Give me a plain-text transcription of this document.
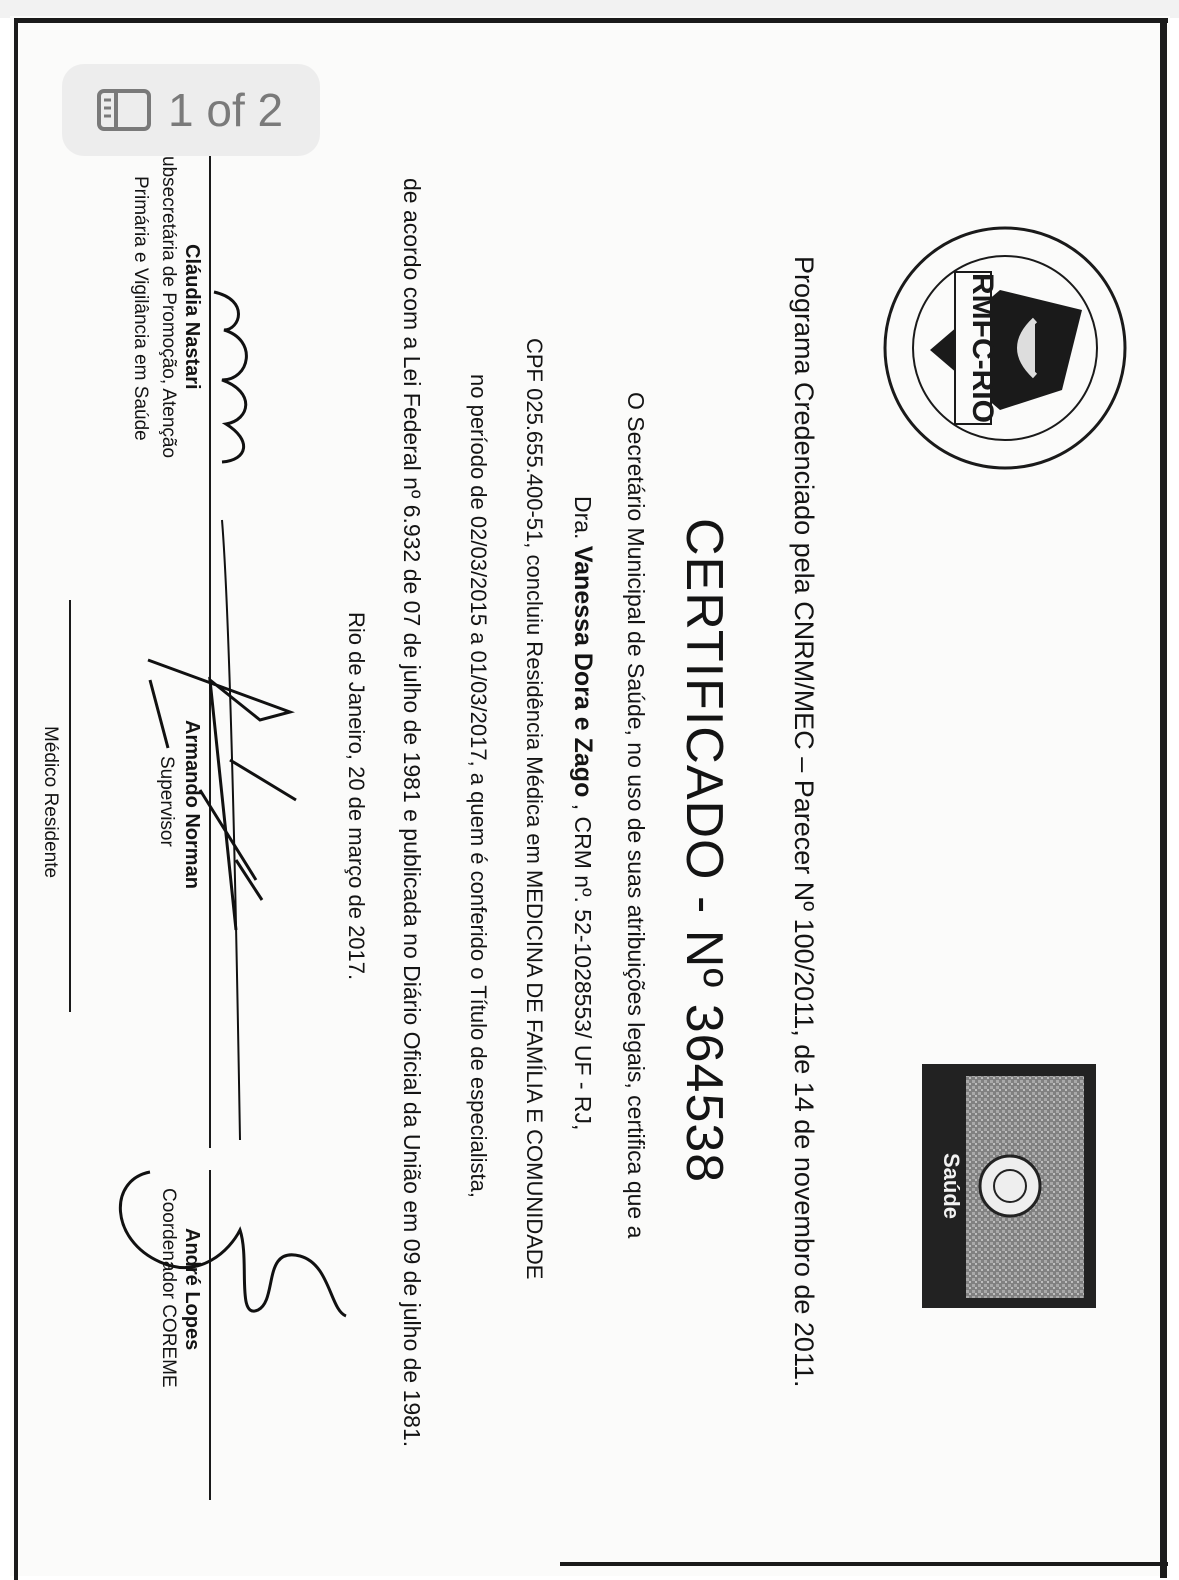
Programa Credenciado pela CNRM/MEC – Parecer Nº 100/2011, de 14 de novembro de 2011.
CERTIFICADO - Nº 364538
O Secretário Municipal de Saúde, no uso de suas atribuições legais, certifica que a
Dra. Vanessa Dora e Zago , CRM nº. 52-1028553/ UF - RJ,
CPF 025.655.400-51, concluiu Residência Médica em MEDICINA DE FAMÍLIA E COMUNIDADE
no período de 02/03/2015 a 01/03/2017, a quem é conferido o Título de especialista,
de acordo com a Lei Federal nº 6.932 de 07 de julho de 1981 e publicada no Diário Oficial da União em 09 de julho de 1981.
Rio de Janeiro, 20 de março de 2017.
André Lopes
Coordenador COREME
Armando Norman
Supervisor
Cláudia Nastari
ubsecretária de Promoção, Atenção
Primária e Vigilância em Saúde
Médico Residente
RMFC-RIO
Saúde
1 of 2
